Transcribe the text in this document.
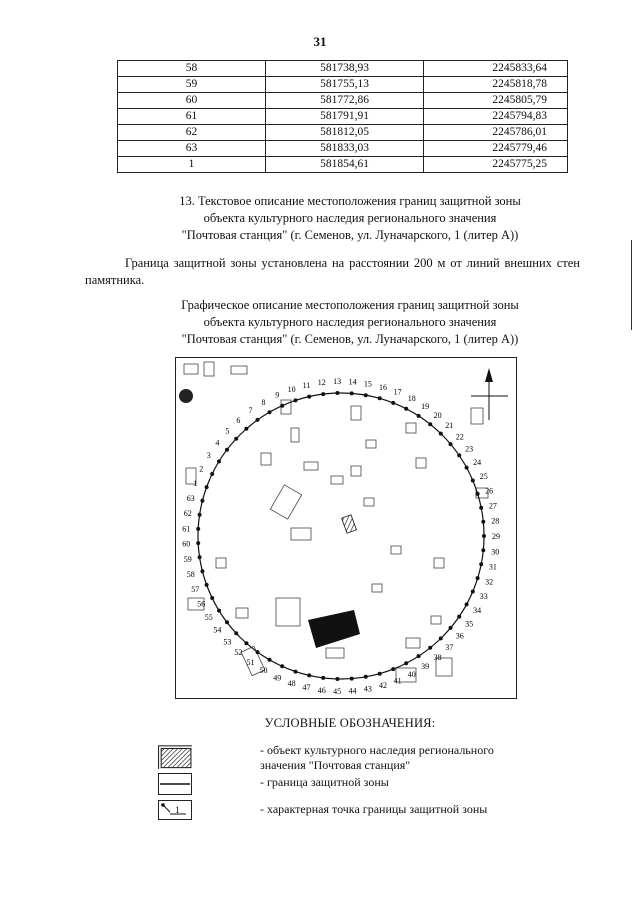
31
58	581738,93	2245833,64
59	581755,13	2245818,78
60	581772,86	2245805,79
61	581791,91	2245794,83
62	581812,05	2245786,01
63	581833,03	2245779,46
1	581854,61	2245775,25
13. Текстовое описание местоположения границ защитной зоны
объекта культурного наследия регионального значения
"Почтовая станция" (г. Семенов, ул. Луначарского, 1 (литер А))
Граница защитной зоны установлена на расстоянии 200 м от линий внешних стен памятника.
Графическое описание местоположения границ защитной зоны
объекта культурного наследия регионального значения
"Почтовая станция" (г. Семенов, ул. Луначарского, 1 (литер А))
1
2
3
4
5
6
7
8
9
10 11 12 13 14 15 16
17
18
19
20
21
22
23
24
25
26
27
28
29
30
31
32
33
34
35
36
37
38
39
40
41
42
43
44
45
46
47
48
49
50
51
52
53
54
55
56
57
58
59
60
61
62
63
УСЛОВНЫЕ ОБОЗНАЧЕНИЯ:
- объект культурного наследия регионального
значения "Почтовая станция"
- граница защитной зоны
1	- характерная точка границы защитной зоны
